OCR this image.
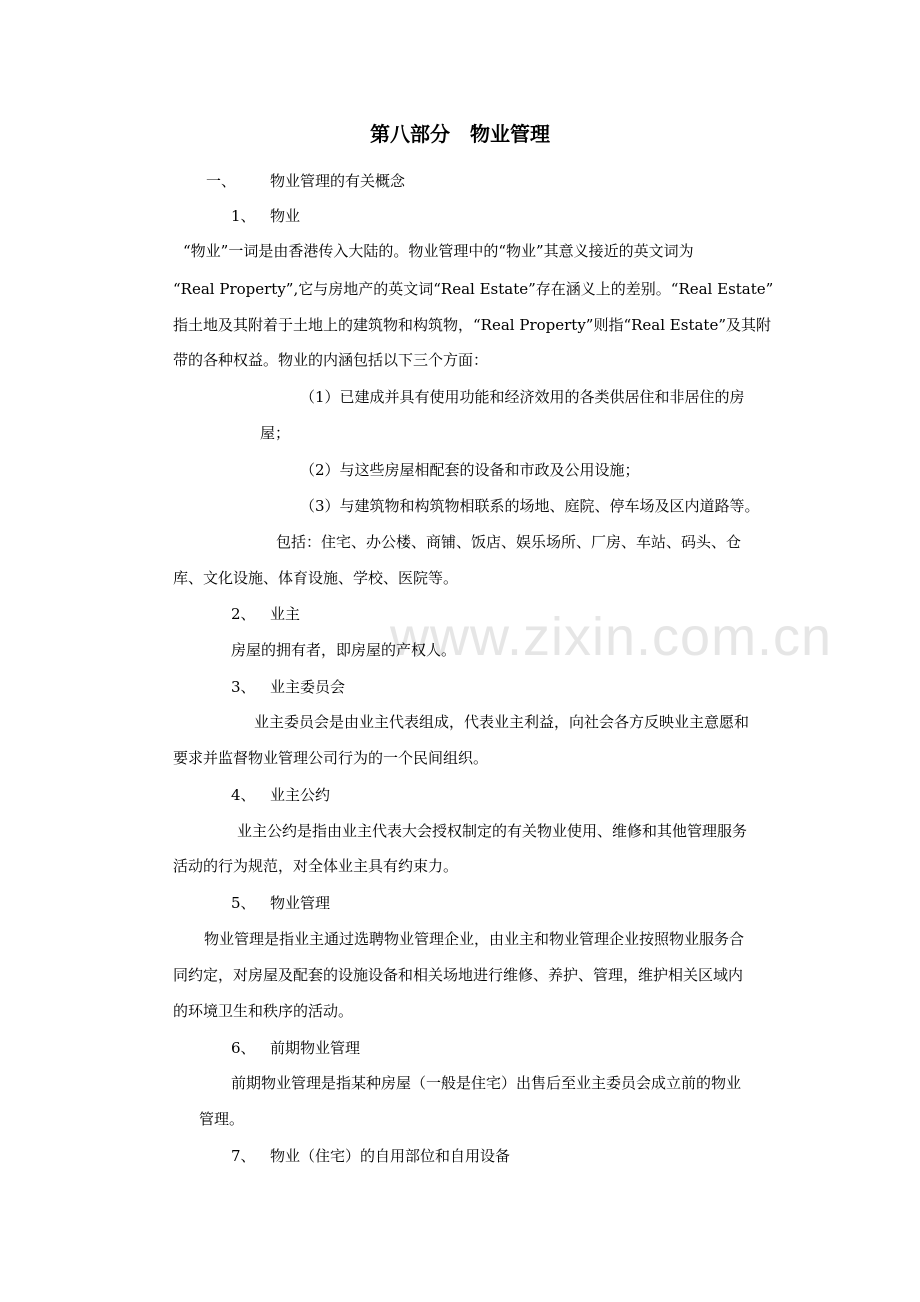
www.zixin.com.cn
第八部分　物业管理
一、 物业管理的有关概念
1、 物业
“物业”一词是由香港传入大陆的。物业管理中的“物业”其意义接近的英文词为
“Real Property”,它与房地产的英文词“Real Estate”存在涵义上的差别。“Real Estate”
指土地及其附着于土地上的建筑物和构筑物，“Real Property”则指“Real Estate”及其附
带的各种权益。物业的内涵包括以下三个方面：
（1）已建成并具有使用功能和经济效用的各类供居住和非居住的房
屋；
（2）与这些房屋相配套的设备和市政及公用设施；
（3）与建筑物和构筑物相联系的场地、庭院、停车场及区内道路等。
包括：住宅、办公楼、商铺、饭店、娱乐场所、厂房、车站、码头、仓
库、文化设施、体育设施、学校、医院等。
2、 业主
房屋的拥有者，即房屋的产权人。
3、 业主委员会
业主委员会是由业主代表组成，代表业主利益，向社会各方反映业主意愿和
要求并监督物业管理公司行为的一个民间组织。
4、 业主公约
业主公约是指由业主代表大会授权制定的有关物业使用、维修和其他管理服务
活动的行为规范，对全体业主具有约束力。
5、 物业管理
物业管理是指业主通过选聘物业管理企业，由业主和物业管理企业按照物业服务合
同约定，对房屋及配套的设施设备和相关场地进行维修、养护、管理，维护相关区域内
的环境卫生和秩序的活动。
6、 前期物业管理
前期物业管理是指某种房屋（一般是住宅）出售后至业主委员会成立前的物业
管理。
7、 物业（住宅）的自用部位和自用设备
